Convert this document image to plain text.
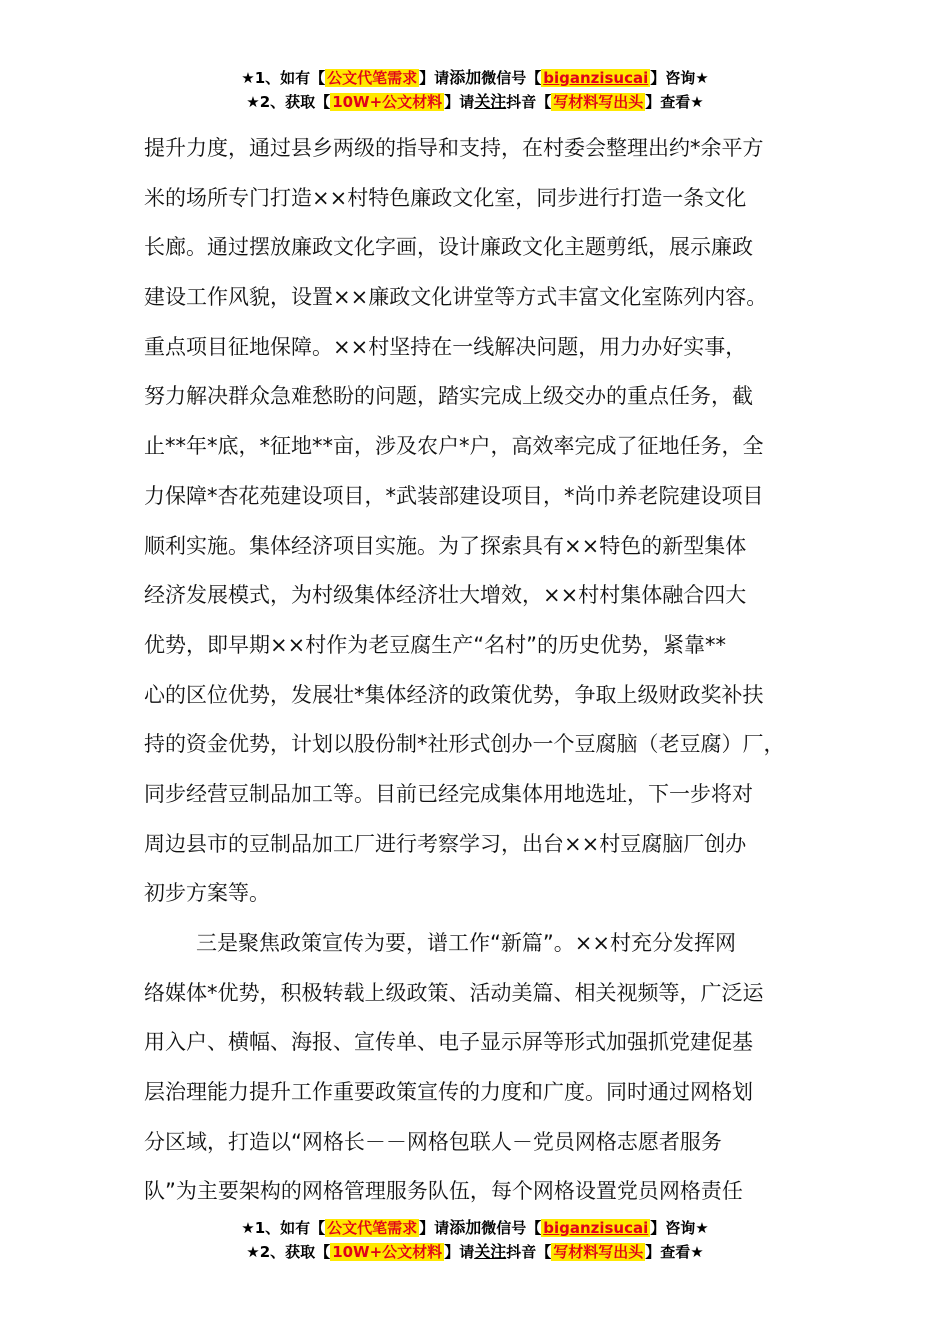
★1、如有【 公文代笔需求 】请添加微信号【 biganzisucai 】咨询★
★2、获取【 10W+公文材料 】请关注抖音【 写材料写出头 】查看★
提升力度，通过县乡两级的指导和支持，在村委会整理出约*余平方
米的场所专门打造××村特色廉政文化室，同步进行打造一条文化
长廊。通过摆放廉政文化字画，设计廉政文化主题剪纸，展示廉政
建设工作风貌，设置××廉政文化讲堂等方式丰富文化室陈列内容。
重点项目征地保障。××村坚持在一线解决问题，用力办好实事，
努力解决群众急难愁盼的问题，踏实完成上级交办的重点任务，截
止**年*底，*征地**亩，涉及农户*户，高效率完成了征地任务，全
力保障*杏花苑建设项目，*武装部建设项目，*尚巾养老院建设项目
顺利实施。集体经济项目实施。为了探索具有××特色的新型集体
经济发展模式，为村级集体经济壮大增效，××村村集体融合四大
优势，即早期××村作为老豆腐生产“名村”的历史优势，紧靠**
心的区位优势，发展壮*集体经济的政策优势，争取上级财政奖补扶
持的资金优势，计划以股份制*社形式创办一个豆腐脑（老豆腐）厂，
同步经营豆制品加工等。目前已经完成集体用地选址，下一步将对
周边县市的豆制品加工厂进行考察学习，出台××村豆腐脑厂创办
初步方案等。
三是聚焦政策宣传为要，谱工作“新篇”。××村充分发挥网
络媒体*优势，积极转载上级政策、活动美篇、相关视频等，广泛运
用入户、横幅、海报、宣传单、电子显示屏等形式加强抓党建促基
层治理能力提升工作重要政策宣传的力度和广度。同时通过网格划
分区域，打造以“网格长－－网格包联人－党员网格志愿者服务
队”为主要架构的网格管理服务队伍，每个网格设置党员网格责任
★1、如有【 公文代笔需求 】请添加微信号【 biganzisucai 】咨询★
★2、获取【 10W+公文材料 】请关注抖音【 写材料写出头 】查看★
